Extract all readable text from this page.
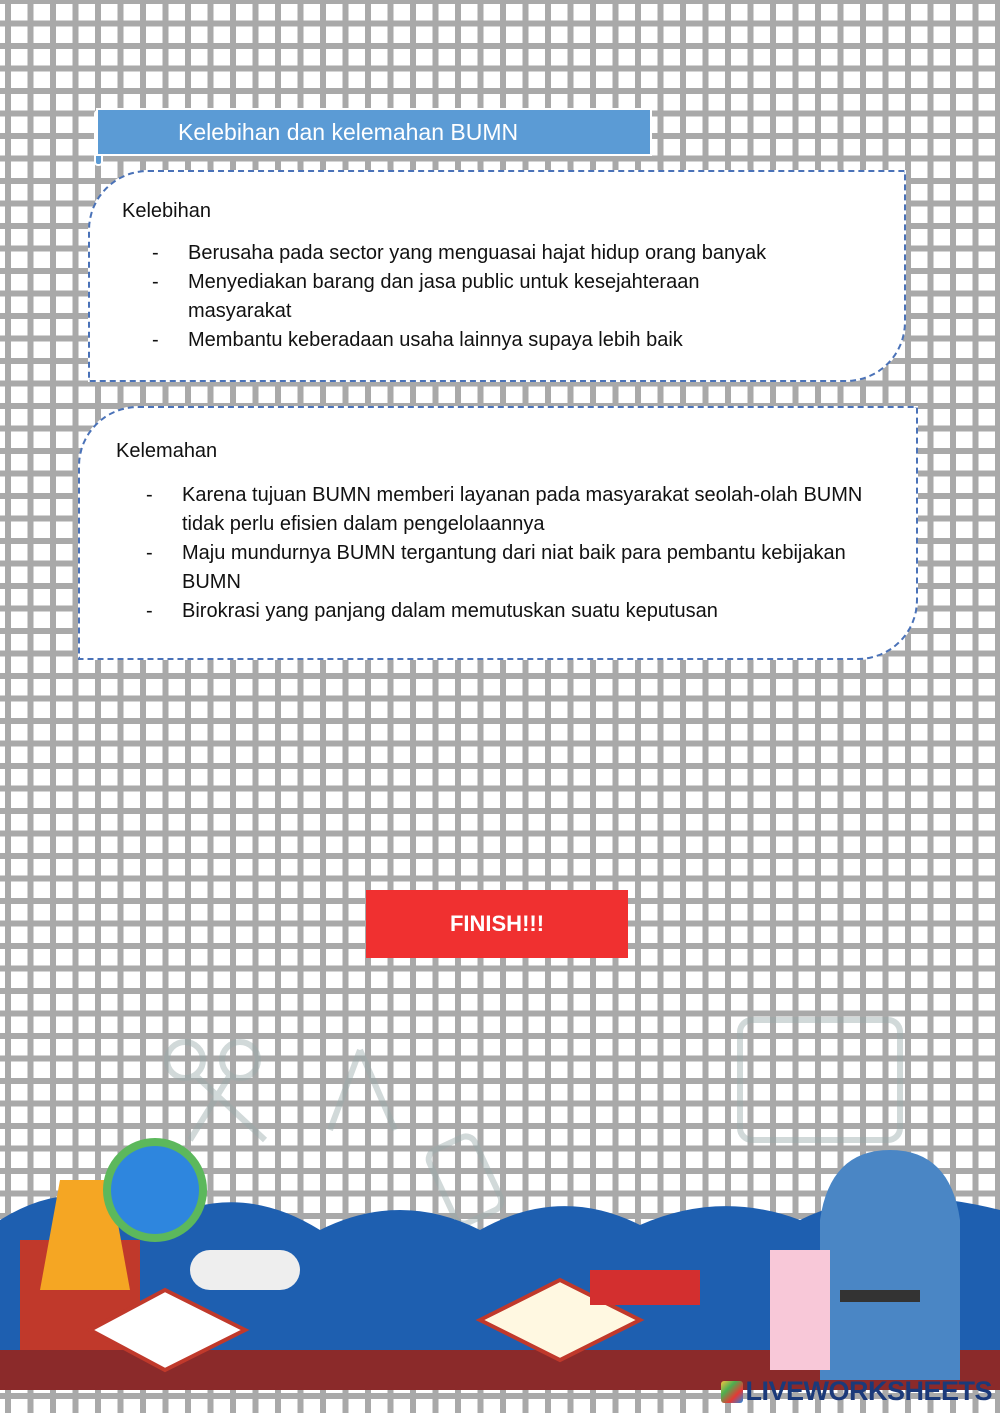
Kelebihan dan kelemahan BUMN
Kelebihan
- Berusaha pada sector yang menguasai hajat hidup orang banyak
- Menyediakan barang dan jasa public untuk kesejahteraan masyarakat
- Membantu keberadaan usaha lainnya supaya lebih baik
Kelemahan
- Karena tujuan BUMN memberi layanan pada masyarakat seolah-olah BUMN tidak perlu efisien dalam pengelolaannya
- Maju mundurnya BUMN tergantung dari niat baik para pembantu kebijakan BUMN
- Birokrasi yang panjang dalam memutuskan suatu keputusan
FINISH!!!
LIVEWORKSHEETS
